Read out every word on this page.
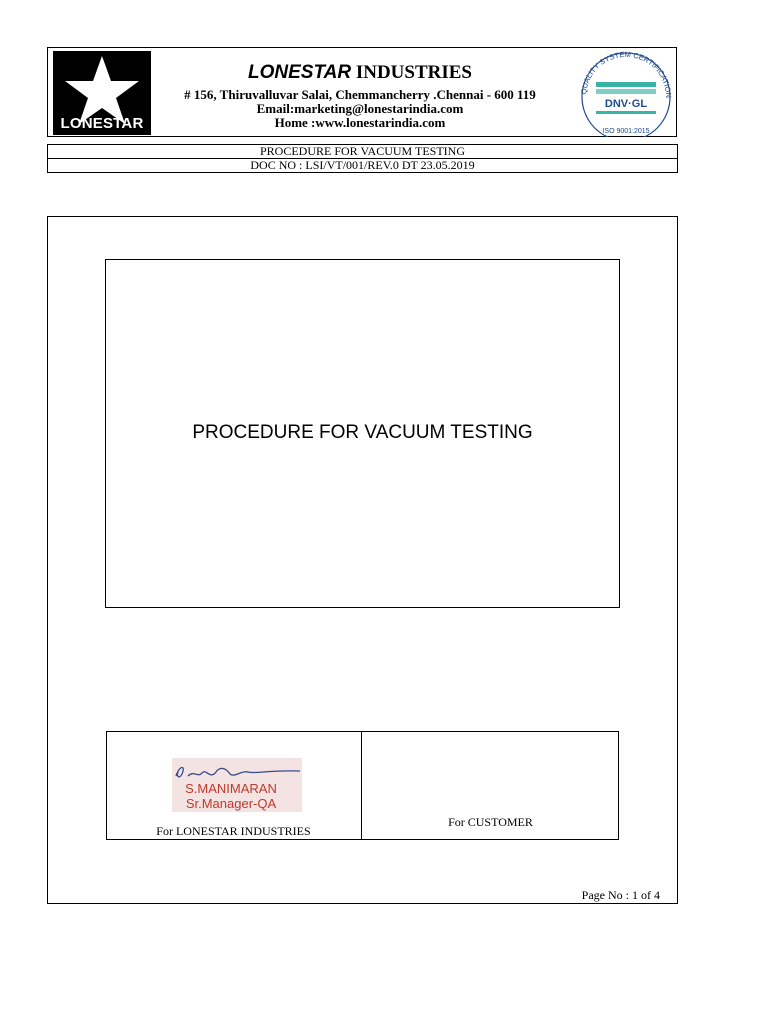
LONESTAR
LONESTAR INDUSTRIES
# 156, Thiruvalluvar Salai, Chemmancherry .Chennai - 600 119
Email:marketing@lonestarindia.com
Home :www.lonestarindia.com
QUALITY SYSTEM CERTIFICATION
DNV·GL
ISO 9001:2015
PROCEDURE FOR VACUUM TESTING
DOC NO : LSI/VT/001/REV.0 DT 23.05.2019
PROCEDURE FOR VACUUM TESTING
S.MANIMARAN
Sr.Manager-QA
For LONESTAR INDUSTRIES
For CUSTOMER
Page No : 1 of 4
